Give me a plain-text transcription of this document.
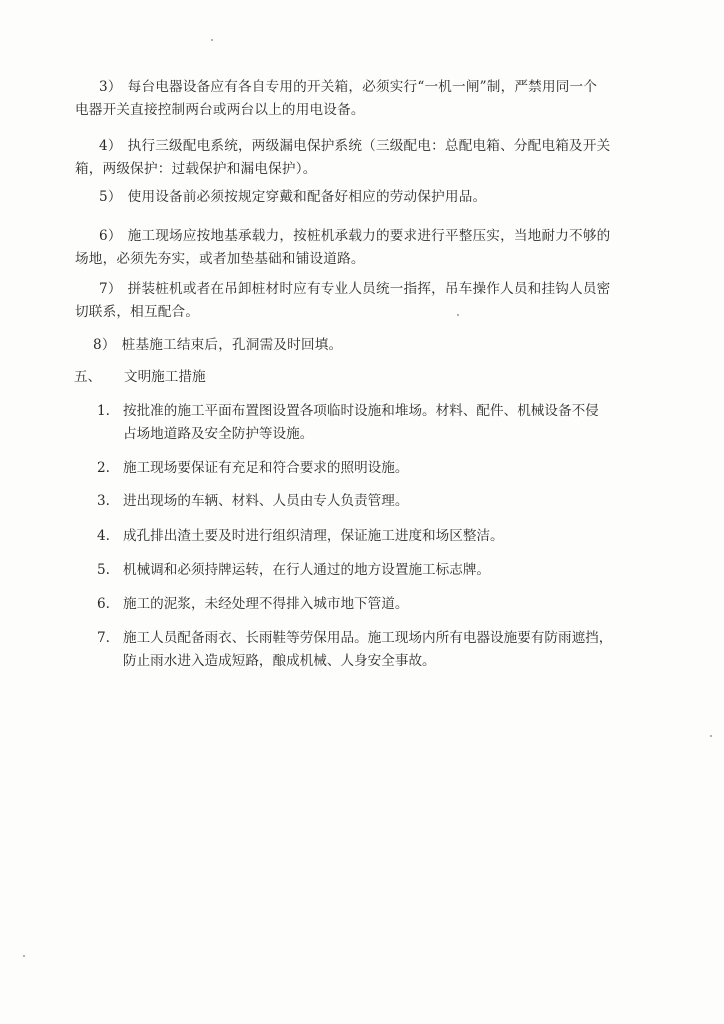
3） 每台电器设备应有各自专用的开关箱，必须实行“一机一闸”制，严禁用同一个
电器开关直接控制两台或两台以上的用电设备。
4） 执行三级配电系统，两级漏电保护系统（三级配电：总配电箱、分配电箱及开关
箱，两级保护：过载保护和漏电保护）。
5） 使用设备前必须按规定穿戴和配备好相应的劳动保护用品。
6） 施工现场应按地基承载力，按桩机承载力的要求进行平整压实，当地耐力不够的
场地，必须先夯实，或者加垫基础和铺设道路。
7） 拼装桩机或者在吊卸桩材时应有专业人员统一指挥，吊车操作人员和挂钩人员密
切联系，相互配合。
8） 桩基施工结束后，孔洞需及时回填。
五、 文明施工措施
1. 按批准的施工平面布置图设置各项临时设施和堆场。材料、配件、机械设备不侵
占场地道路及安全防护等设施。
2. 施工现场要保证有充足和符合要求的照明设施。
3. 进出现场的车辆、材料、人员由专人负责管理。
4. 成孔排出渣土要及时进行组织清理，保证施工进度和场区整洁。
5. 机械调和必须持牌运转，在行人通过的地方设置施工标志牌。
6. 施工的泥浆，未经处理不得排入城市地下管道。
7. 施工人员配备雨衣、长雨鞋等劳保用品。施工现场内所有电器设施要有防雨遮挡，
防止雨水进入造成短路，酿成机械、人身安全事故。
